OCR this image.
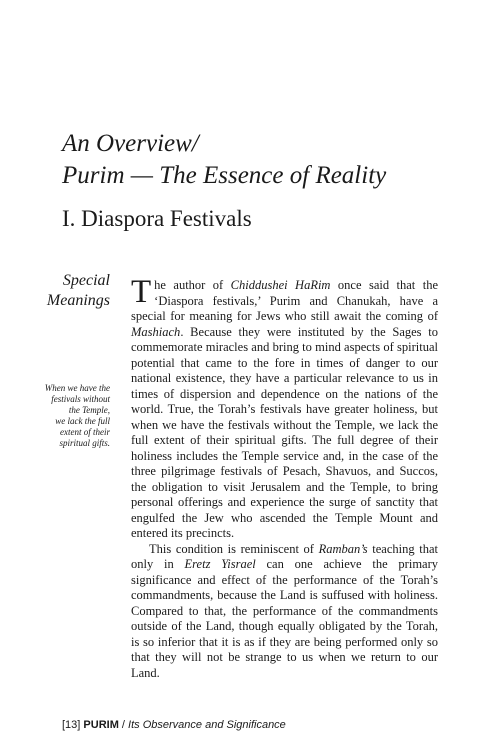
An Overview/
Purim — The Essence of Reality
I. Diaspora Festivals
Special
Meanings
When we have the
festivals without
the Temple,
we lack the full
extent of their
spiritual gifts.

The author of Chiddushei HaRim once said that the ‘Diaspora festivals,’ Purim and Chanukah, have a special for meaning for Jews who still await the coming of Mashiach. Because they were instituted by the Sages to commemorate miracles and bring to mind aspects of spiritual potential that came to the fore in times of danger to our national existence, they have a particular relevance to us in times of dispersion and dependence on the nations of the world. True, the Torah’s festivals have greater holiness, but when we have the festivals without the Temple, we lack the full extent of their spiritual gifts. The full degree of their holiness includes the Temple service and, in the case of the three pilgrimage festivals of Pesach, Shavuos, and Succos, the obligation to visit Jerusalem and the Temple, to bring personal offerings and experience the surge of sanctity that engulfed the Jew who ascended the Temple Mount and entered its precincts.

This condition is reminiscent of Ramban’s teaching that only in Eretz Yisrael can one achieve the primary significance and effect of the performance of the Torah’s commandments, because the Land is suffused with holiness. Compared to that, the performance of the commandments outside of the Land, though equally obligated by the Torah, is so inferior that it is as if they are being performed only so that they will not be strange to us when we return to our Land.

[13] PURIM / Its Observance and Significance
